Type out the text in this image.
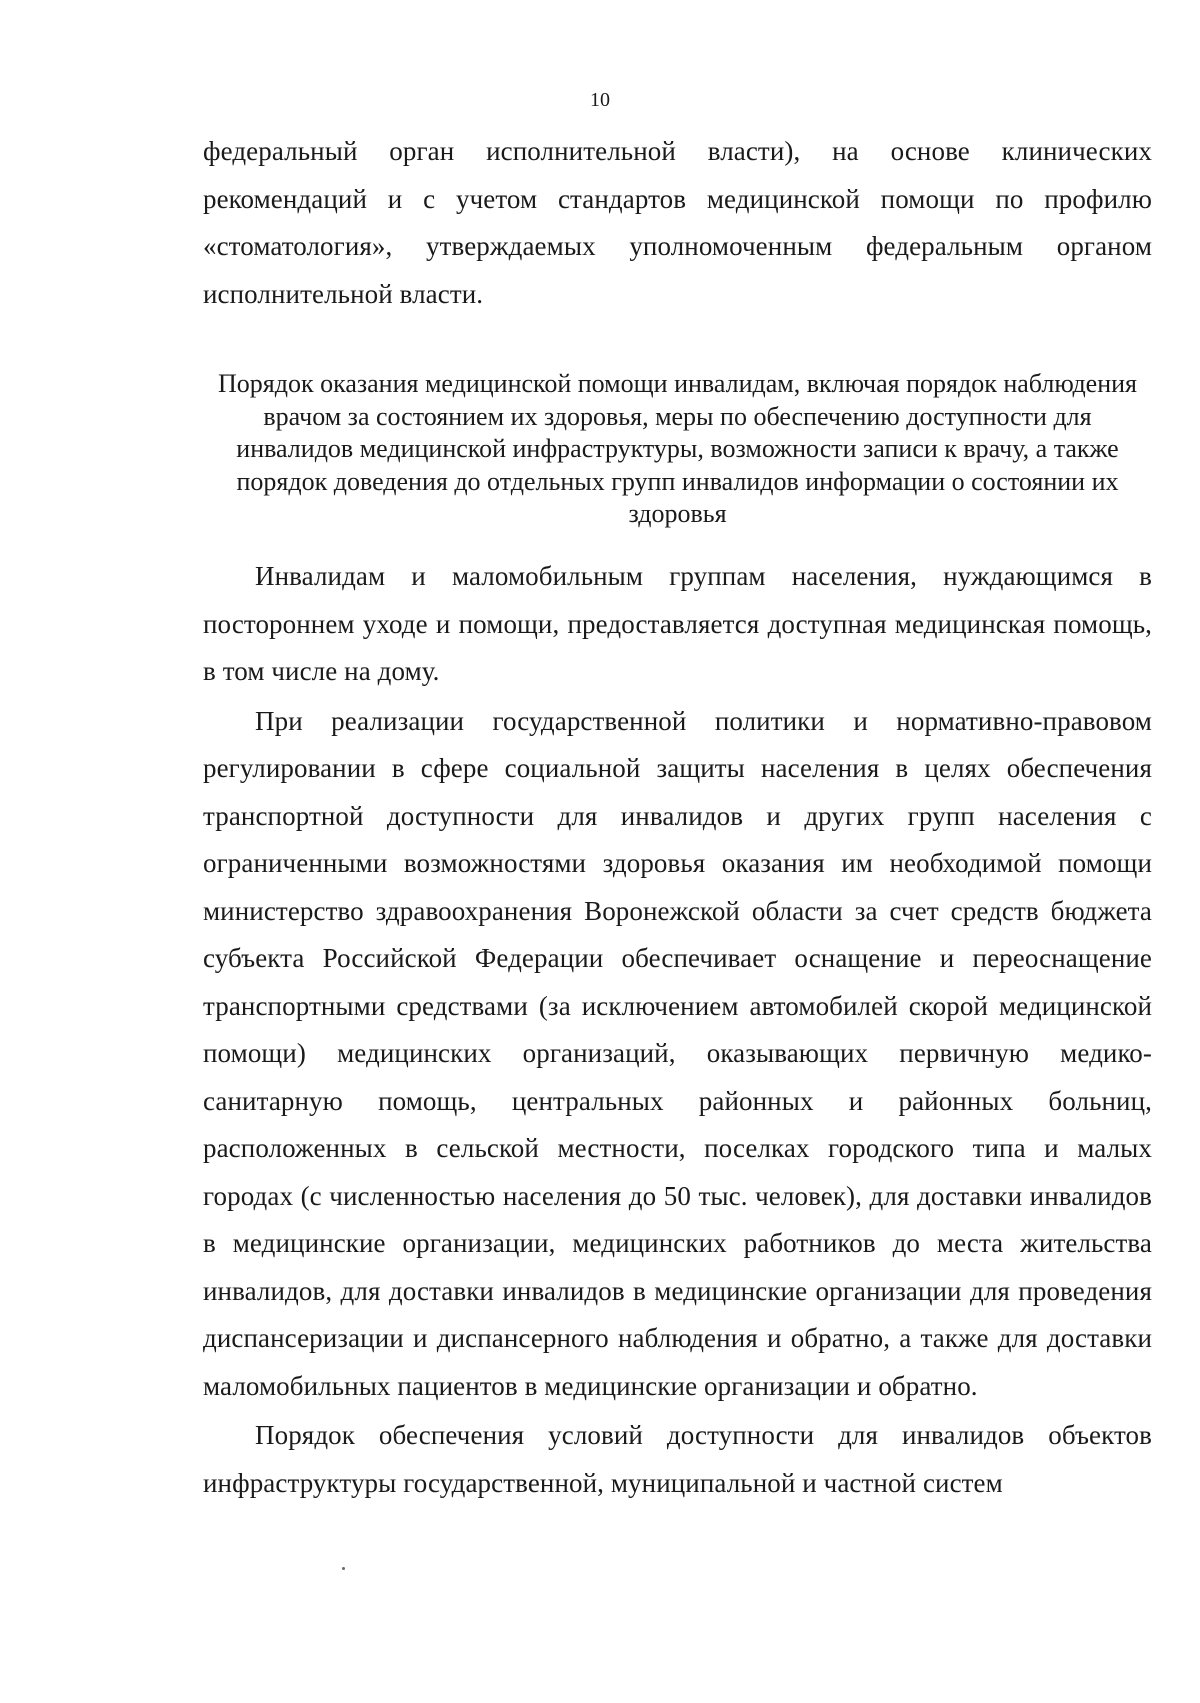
10

федеральный орган исполнительной власти), на основе клинических рекомендаций и с учетом стандартов медицинской помощи по профилю «стоматология», утверждаемых уполномоченным федеральным органом исполнительной власти.

Порядок оказания медицинской помощи инвалидам, включая порядок наблюдения врачом за состоянием их здоровья, меры по обеспечению доступности для инвалидов медицинской инфраструктуры, возможности записи к врачу, а также порядок доведения до отдельных групп инвалидов информации о состоянии их здоровья

Инвалидам и маломобильным группам населения, нуждающимся в постороннем уходе и помощи, предоставляется доступная медицинская помощь, в том числе на дому.

При реализации государственной политики и нормативно-правовом регулировании в сфере социальной защиты населения в целях обеспечения транспортной доступности для инвалидов и других групп населения с ограниченными возможностями здоровья оказания им необходимой помощи министерство здравоохранения Воронежской области за счет средств бюджета субъекта Российской Федерации обеспечивает оснащение и переоснащение транспортными средствами (за исключением автомобилей скорой медицинской помощи) медицинских организаций, оказывающих первичную медико-санитарную помощь, центральных районных и районных больниц, расположенных в сельской местности, поселках городского типа и малых городах (с численностью населения до 50 тыс. человек), для доставки инвалидов в медицинские организации, медицинских работников до места жительства инвалидов, для доставки инвалидов в медицинские организации для проведения диспансеризации и диспансерного наблюдения и обратно, а также для доставки маломобильных пациентов в медицинские организации и обратно.

Порядок обеспечения условий доступности для инвалидов объектов инфраструктуры государственной, муниципальной и частной систем
